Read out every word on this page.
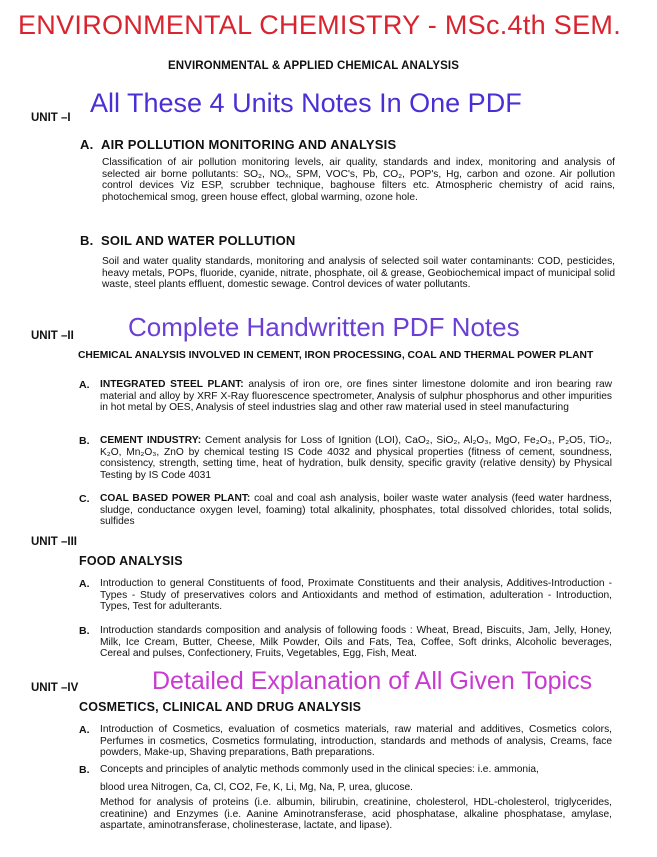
ENVIRONMENTAL CHEMISTRY - MSc.4th SEM.
ENVIRONMENTAL & APPLIED CHEMICAL ANALYSIS
UNIT –I All These 4 Units Notes In One PDF
A. AIR POLLUTION MONITORING AND ANALYSIS
Classification of air pollution monitoring levels, air quality, standards and index, monitoring and analysis of selected air borne pollutants: SO₂, NOₓ, SPM, VOC's, Pb, CO₂, POP's, Hg, carbon and ozone. Air pollution control devices Viz ESP, scrubber technique, baghouse filters etc. Atmospheric chemistry of acid rains, photochemical smog, green house effect, global warming, ozone hole.
B. SOIL AND WATER POLLUTION
Soil and water quality standards, monitoring and analysis of selected soil water contaminants: COD, pesticides, heavy metals, POPs, fluoride, cyanide, nitrate, phosphate, oil & grease, Geobiochemical impact of municipal solid waste, steel plants effluent, domestic sewage. Control devices of water pollutants.
Complete Handwritten PDF Notes
UNIT –II
CHEMICAL ANALYSIS INVOLVED IN CEMENT, IRON PROCESSING, COAL AND THERMAL POWER PLANT
A. INTEGRATED STEEL PLANT: analysis of iron ore, ore fines sinter limestone dolomite and iron bearing raw material and alloy by XRF X-Ray fluorescence spectrometer, Analysis of sulphur phosphorus and other impurities in hot metal by OES, Analysis of steel industries slag and other raw material used in steel manufacturing
B. CEMENT INDUSTRY: Cement analysis for Loss of Ignition (LOI), CaO₂, SiO₂, Al₂O₃, MgO, Fe₂O₃, P₂O5, TiO₂, K₂O, Mn₂O₃, ZnO by chemical testing IS Code 4032 and physical properties (fitness of cement, soundness, consistency, strength, setting time, heat of hydration, bulk density, specific gravity (relative density) by Physical Testing by IS Code 4031
C. COAL BASED POWER PLANT: coal and coal ash analysis, boiler waste water analysis (feed water hardness, sludge, conductance oxygen level, foaming) total alkalinity, phosphates, total dissolved chlorides, total solids, sulfides
UNIT –III
FOOD ANALYSIS
A. Introduction to general Constituents of food, Proximate Constituents and their analysis, Additives-Introduction -Types - Study of preservatives colors and Antioxidants and method of estimation, adulteration - Introduction, Types, Test for adulterants.
B. Introduction standards composition and analysis of following foods : Wheat, Bread, Biscuits, Jam, Jelly, Honey, Milk, Ice Cream, Butter, Cheese, Milk Powder, Oils and Fats, Tea, Coffee, Soft drinks, Alcoholic beverages, Cereal and pulses, Confectionery, Fruits, Vegetables, Egg, Fish, Meat.
Detailed Explanation of All Given Topics
UNIT –IV
COSMETICS, CLINICAL AND DRUG ANALYSIS
A. Introduction of Cosmetics, evaluation of cosmetics materials, raw material and additives, Cosmetics colors, Perfumes in cosmetics, Cosmetics formulating, introduction, standards and methods of analysis, Creams, face powders, Make-up, Shaving preparations, Bath preparations.
B. Concepts and principles of analytic methods commonly used in the clinical species: i.e. ammonia,
blood urea Nitrogen, Ca, Cl, CO2, Fe, K, Li, Mg, Na, P, urea, glucose.
Method for analysis of proteins (i.e. albumin, bilirubin, creatinine, cholesterol, HDL-cholesterol, triglycerides, creatinine) and Enzymes (i.e. Aanine Aminotransferase, acid phosphatase, alkaline phosphatase, amylase, aspartate, aminotransferase, cholinesterase, lactate, and lipase).
